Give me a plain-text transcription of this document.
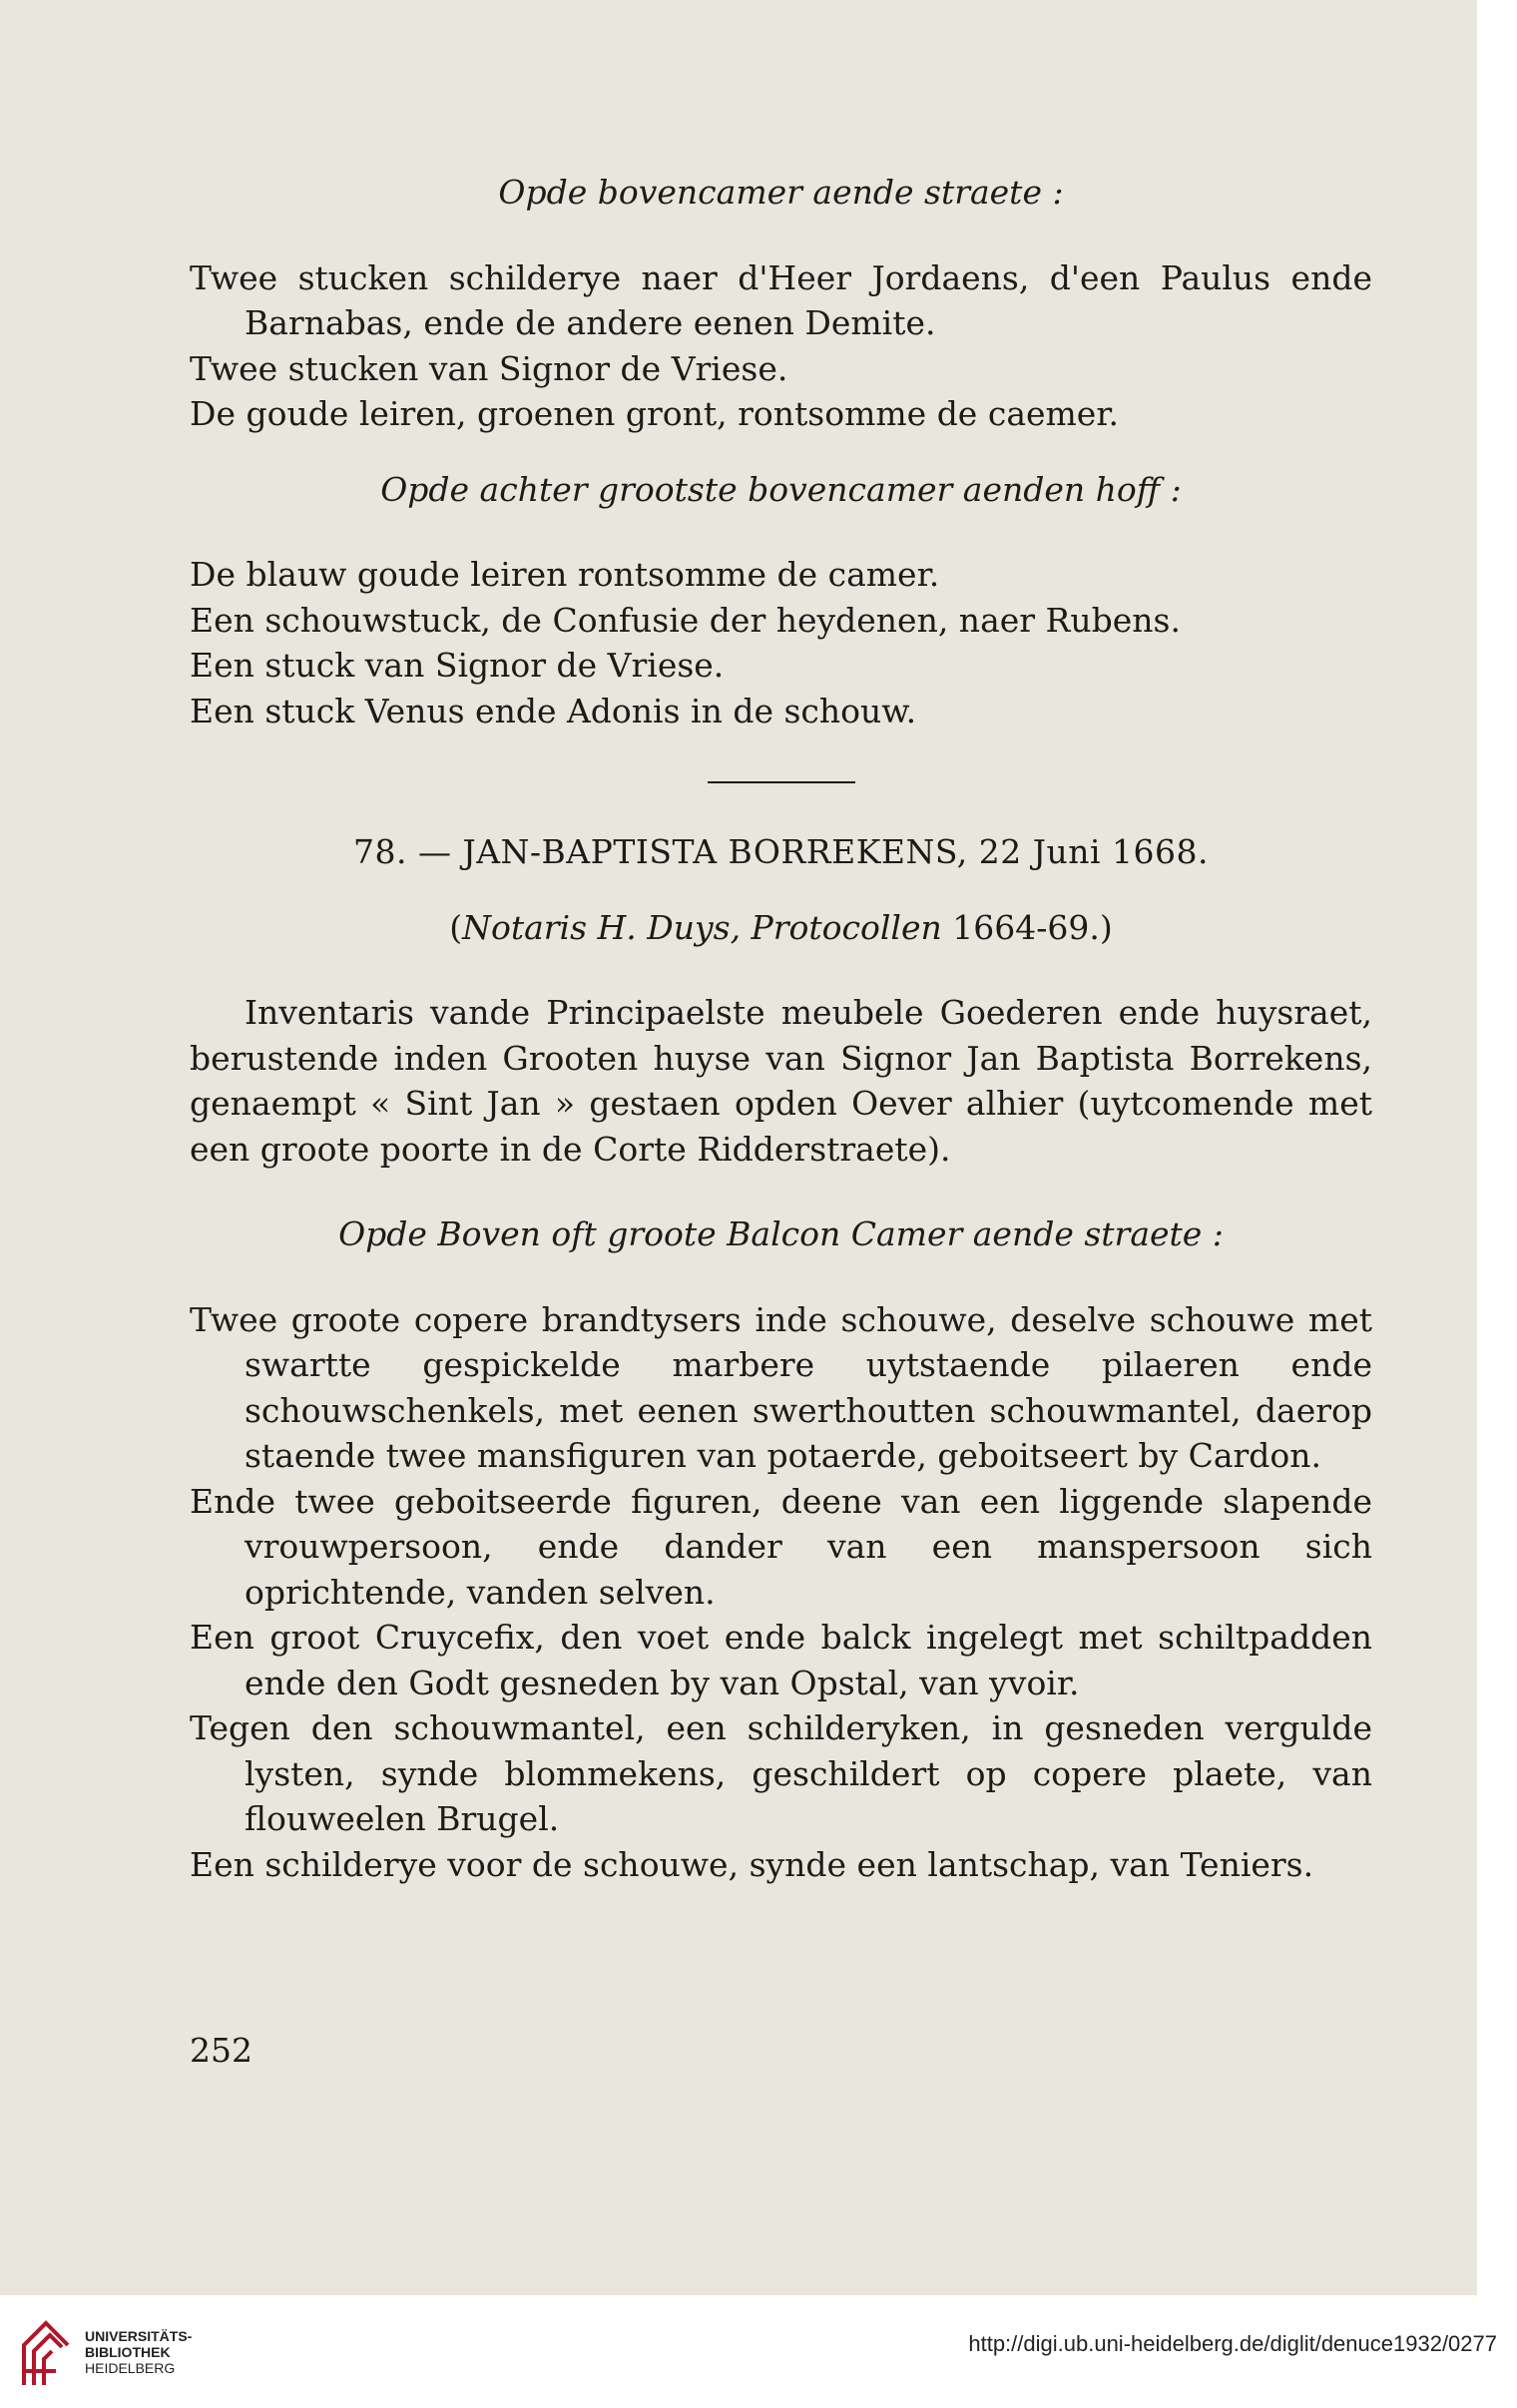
Opde bovencamer aende straete :

Twee stucken schilderye naer d'Heer Jordaens, d'een Paulus ende Barnabas, ende de andere eenen Demite.

Twee stucken van Signor de Vriese.

De goude leiren, groenen gront, rontsomme de caemer.

Opde achter grootste bovencamer aenden hoff :

De blauw goude leiren rontsomme de camer.

Een schouwstuck, de Confusie der heydenen, naer Rubens.

Een stuck van Signor de Vriese.

Een stuck Venus ende Adonis in de schouw.

78. — JAN-BAPTISTA BORREKENS, 22 Juni 1668.

(Notaris H. Duys, Protocollen 1664-69.)

Inventaris vande Principaelste meubele Goederen ende huysraet, berustende inden Grooten huyse van Signor Jan Baptista Borrekens, genaempt « Sint Jan » gestaen opden Oever alhier (uytcomende met een groote poorte in de Corte Ridderstraete).

Opde Boven oft groote Balcon Camer aende straete :

Twee groote copere brandtysers inde schouwe, deselve schouwe met swartte gespickelde marbere uytstaende pilaeren ende schouwschenkels, met eenen swerthoutten schouwmantel, daerop staende twee mansfiguren van potaerde, geboitseert by Cardon.

Ende twee geboitseerde figuren, deene van een liggende slapende vrouwpersoon, ende dander van een manspersoon sich oprichtende, vanden selven.

Een groot Cruycefix, den voet ende balck ingelegt met schiltpadden ende den Godt gesneden by van Opstal, van yvoir.

Tegen den schouwmantel, een schilderyken, in gesneden vergulde lysten, synde blommekens, geschildert op copere plaete, van flouweelen Brugel.

Een schilderye voor de schouwe, synde een lantschap, van Teniers.

252
UNIVERSITÄTS-
BIBLIOTHEK
HEIDELBERG
http://digi.ub.uni-heidelberg.de/diglit/denuce1932/0277
